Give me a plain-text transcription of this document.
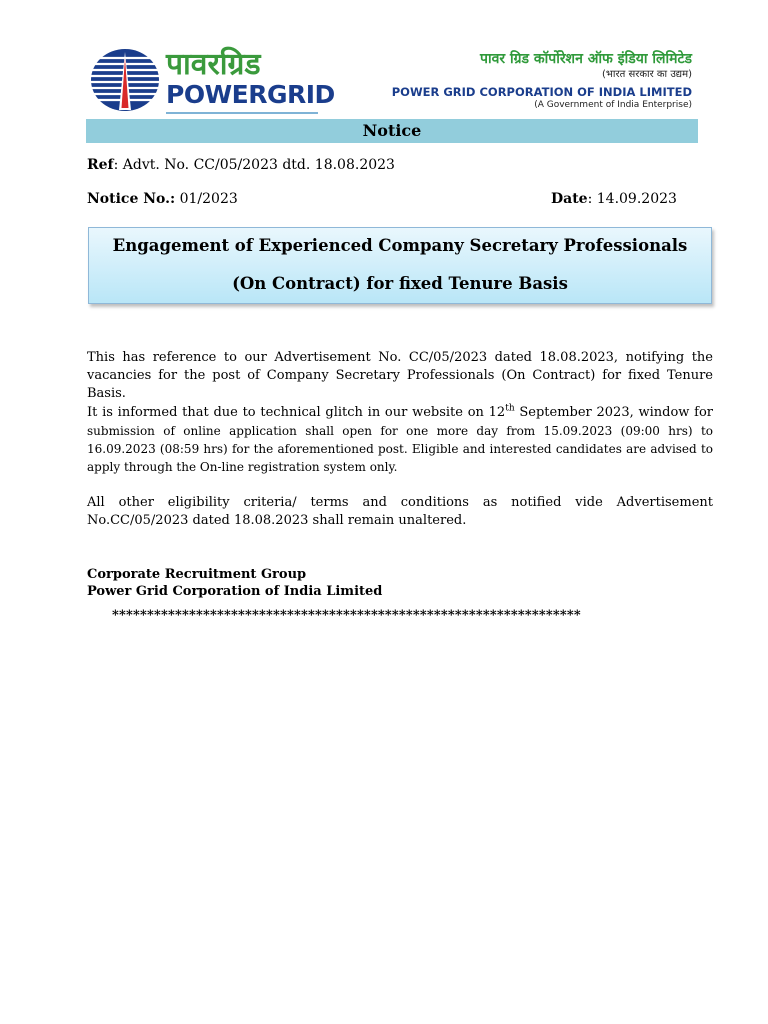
पावरग्रिड
POWERGRID
पावर ग्रिड कॉर्पोरेशन ऑफ इंडिया लिमिटेड
(भारत सरकार का उद्यम)
POWER GRID CORPORATION OF INDIA LIMITED
(A Government of India Enterprise)
Notice
Ref: Advt. No. CC/05/2023 dtd. 18.08.2023
Notice No.: 01/2023	Date: 14.09.2023
Engagement of Experienced Company Secretary Professionals
(On Contract) for fixed Tenure Basis
This has reference to our Advertisement No. CC/05/2023 dated 18.08.2023, notifying the vacancies for the post of Company Secretary Professionals (On Contract) for fixed Tenure Basis.
It is informed that due to technical glitch in our website on 12th September 2023, window for
submission of online application shall open for one more day from 15.09.2023 (09:00 hrs) to 16.09.2023 (08:59 hrs) for the aforementioned post. Eligible and interested candidates are advised to apply through the On-line registration system only.
All other eligibility criteria/ terms and conditions as notified vide Advertisement No.CC/05/2023 dated 18.08.2023 shall remain unaltered.
Corporate Recruitment Group
Power Grid Corporation of India Limited
*******************************************************************
